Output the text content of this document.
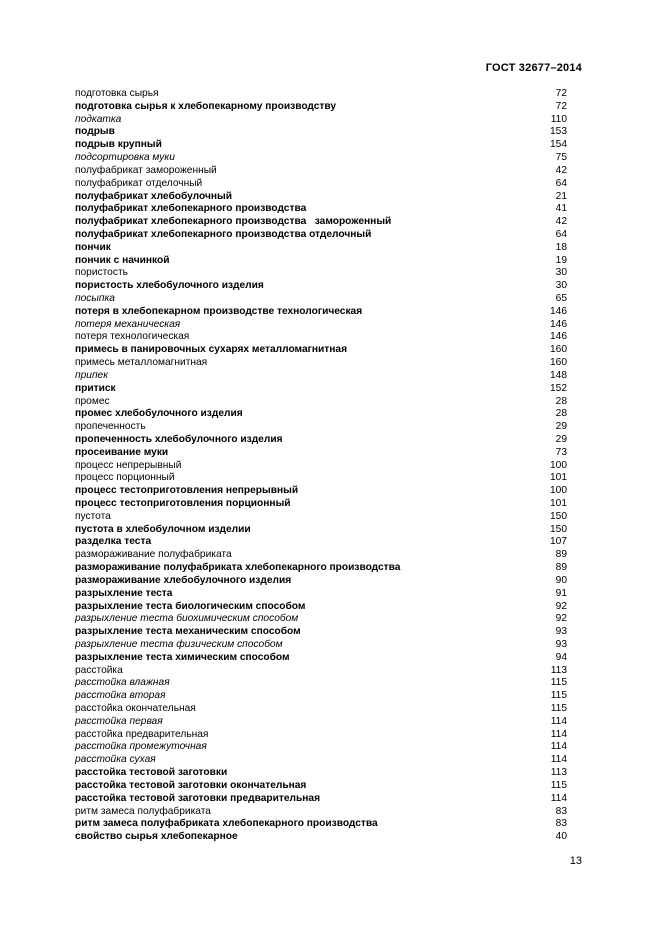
ГОСТ 32677–2014
подготовка сырья	72
подготовка сырья к хлебопекарному производству	72
подкатка	110
подрыв	153
подрыв крупный	154
подсортировка муки	75
полуфабрикат замороженный	42
полуфабрикат отделочный	64
полуфабрикат хлебобулочный	21
полуфабрикат хлебопекарного производства	41
полуфабрикат хлебопекарного производства   замороженный	42
полуфабрикат хлебопекарного производства отделочный	64
пончик	18
пончик с начинкой	19
пористость	30
пористость хлебобулочного изделия	30
посыпка	65
потеря в хлебопекарном производстве технологическая	146
потеря механическая	146
потеря технологическая	146
примесь в панировочных сухарях металломагнитная	160
примесь металломагнитная	160
припек	148
притиск	152
промес	28
промес хлебобулочного изделия	28
пропеченность	29
пропеченность хлебобулочного изделия	29
просеивание муки	73
процесс непрерывный	100
процесс порционный	101
процесс тестоприготовления непрерывный	100
процесс тестоприготовления порционный	101
пустота	150
пустота в хлебобулочном изделии	150
разделка теста	107
размораживание полуфабриката	89
размораживание полуфабриката хлебопекарного производства	89
размораживание хлебобулочного изделия	90
разрыхление теста	91
разрыхление теста биологическим способом	92
разрыхление теста биохимическим способом	92
разрыхление теста механическим способом	93
разрыхление теста физическим способом	93
разрыхление теста химическим способом	94
расстойка	113
расстойка влажная	115
расстойка вторая	115
расстойка окончательная	115
расстойка первая	114
расстойка предварительная	114
расстойка промежуточная	114
расстойка сухая	114
расстойка тестовой заготовки	113
расстойка тестовой заготовки окончательная	115
расстойка тестовой заготовки предварительная	114
ритм замеса полуфабриката	83
ритм замеса полуфабриката хлебопекарного производства	83
свойство сырья хлебопекарное	40
13
